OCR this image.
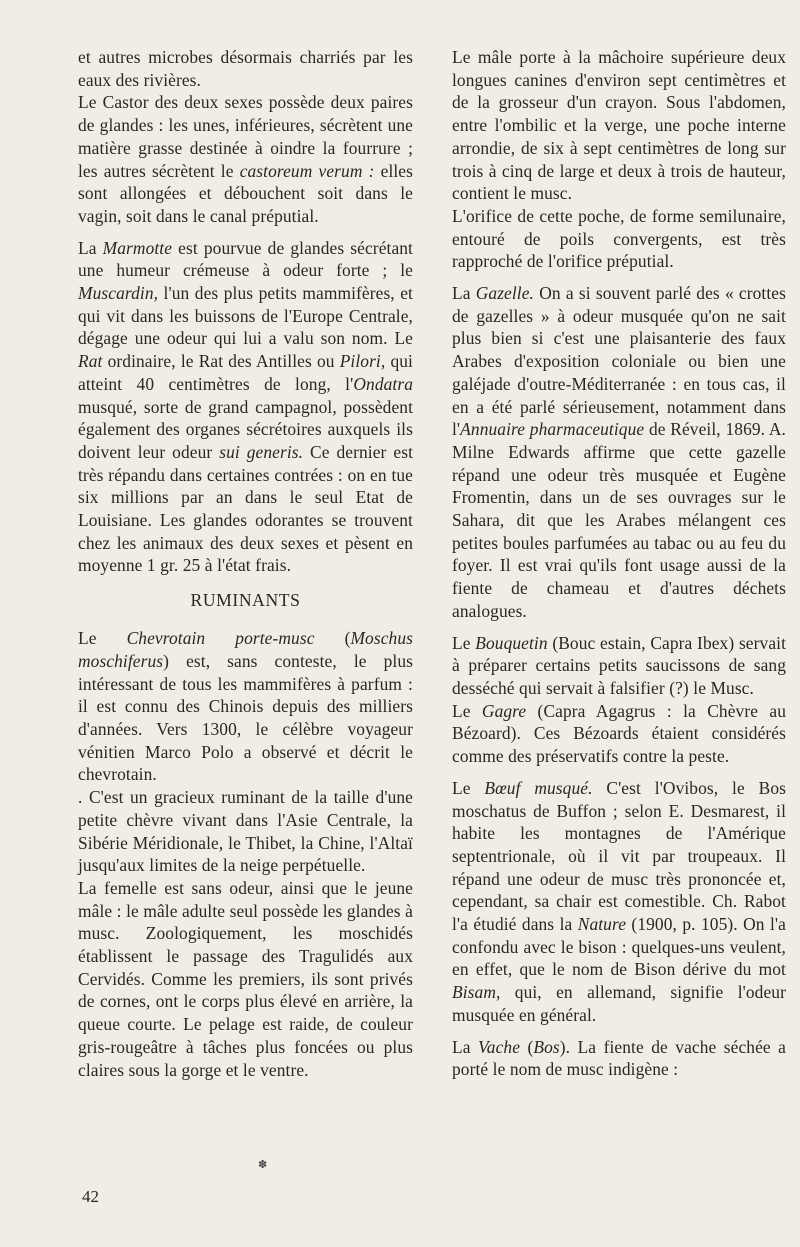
et autres microbes désormais charriés par les eaux des rivières.

Le Castor des deux sexes possède deux paires de glandes : les unes, inférieures, sécrètent une matière grasse destinée à oindre la fourrure ; les autres sécrètent le castoreum verum : elles sont allongées et débouchent soit dans le vagin, soit dans le canal préputial.

La Marmotte est pourvue de glandes sécrétant une humeur crémeuse à odeur forte ; le Muscardin, l'un des plus petits mammifères, et qui vit dans les buissons de l'Europe Centrale, dégage une odeur qui lui a valu son nom. Le Rat ordinaire, le Rat des Antilles ou Pilori, qui atteint 40 centimètres de long, l'Ondatra musqué, sorte de grand campagnol, possèdent également des organes sécrétoires auxquels ils doivent leur odeur sui generis. Ce dernier est très répandu dans certaines contrées : on en tue six millions par an dans le seul Etat de Louisiane. Les glandes odorantes se trouvent chez les animaux des deux sexes et pèsent en moyenne 1 gr. 25 à l'état frais.

RUMINANTS

Le Chevrotain porte-musc (Moschus moschiferus) est, sans conteste, le plus intéressant de tous les mammifères à parfum : il est connu des Chinois depuis des milliers d'années. Vers 1300, le célèbre voyageur vénitien Marco Polo a observé et décrit le chevrotain.

. C'est un gracieux ruminant de la taille d'une petite chèvre vivant dans l'Asie Centrale, la Sibérie Méridionale, le Thibet, la Chine, l'Altaï jusqu'aux limites de la neige perpétuelle.

La femelle est sans odeur, ainsi que le jeune mâle : le mâle adulte seul possède les glandes à musc. Zoologiquement, les moschidés établissent le passage des Tragulidés aux Cervidés. Comme les premiers, ils sont privés de cornes, ont le corps plus élevé en arrière, la queue courte. Le pelage est raide, de couleur gris-rougeâtre à tâches plus foncées ou plus claires sous la gorge et le ventre.

Le mâle porte à la mâchoire supérieure deux longues canines d'environ sept centimètres et de la grosseur d'un crayon. Sous l'abdomen, entre l'ombilic et la verge, une poche interne arrondie, de six à sept centimètres de long sur trois à cinq de large et deux à trois de hauteur, contient le musc.

L'orifice de cette poche, de forme semilunaire, entouré de poils convergents, est très rapproché de l'orifice préputial.

La Gazelle. On a si souvent parlé des « crottes de gazelles » à odeur musquée qu'on ne sait plus bien si c'est une plaisanterie des faux Arabes d'exposition coloniale ou bien une galéjade d'outre-Méditerranée : en tous cas, il en a été parlé sérieusement, notamment dans l'Annuaire pharmaceutique de Réveil, 1869. A. Milne Edwards affirme que cette gazelle répand une odeur très musquée et Eugène Fromentin, dans un de ses ouvrages sur le Sahara, dit que les Arabes mélangent ces petites boules parfumées au tabac ou au feu du foyer. Il est vrai qu'ils font usage aussi de la fiente de chameau et d'autres déchets analogues.

Le Bouquetin (Bouc estain, Capra Ibex) servait à préparer certains petits saucissons de sang desséché qui servait à falsifier (?) le Musc.

Le Gagre (Capra Agagrus : la Chèvre au Bézoard). Ces Bézoards étaient considérés comme des préservatifs contre la peste.

Le Bœuf musqué. C'est l'Ovibos, le Bos moschatus de Buffon ; selon E. Desmarest, il habite les montagnes de l'Amérique septentrionale, où il vit par troupeaux. Il répand une odeur de musc très prononcée et, cependant, sa chair est comestible. Ch. Rabot l'a étudié dans la Nature (1900, p. 105). On l'a confondu avec le bison : quelques-uns veulent, en effet, que le nom de Bison dérive du mot Bisam, qui, en allemand, signifie l'odeur musquée en général.

La Vache (Bos). La fiente de vache séchée a porté le nom de musc indigène :

✽
42
